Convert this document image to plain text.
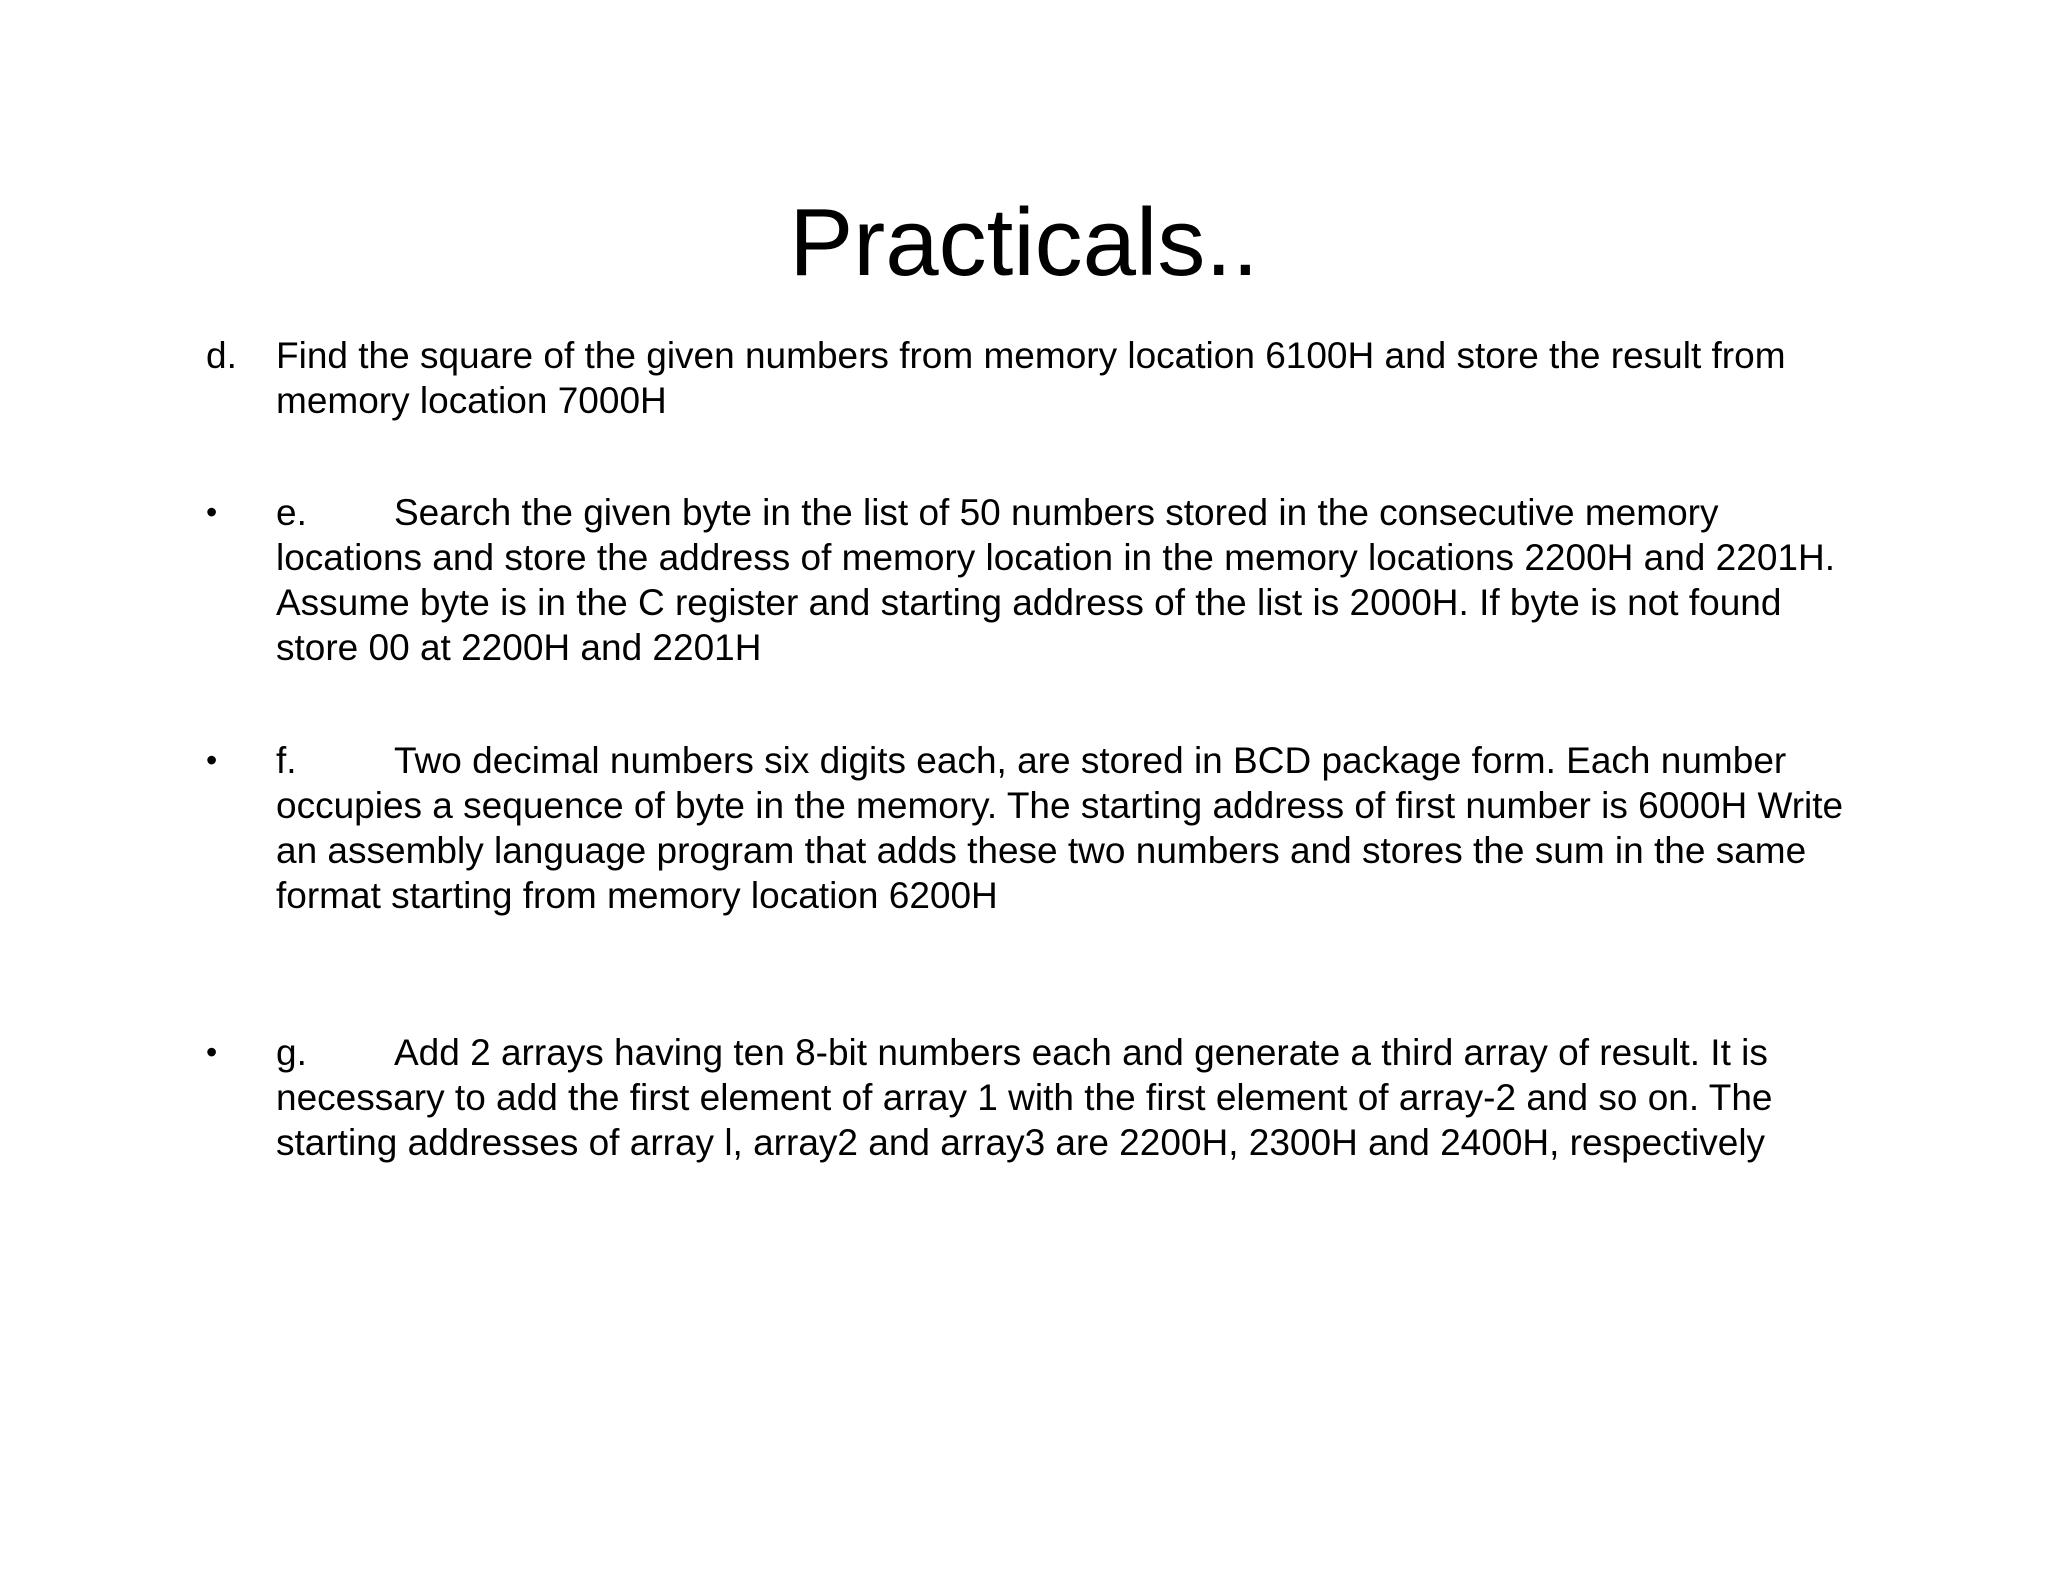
Practicals..
d. Find the square of the given numbers from memory location 6100H and store the result from memory location 7000H
• e. Search the given byte in the list of 50 numbers stored in the consecutive memory locations and store the address of memory location in the memory locations 2200H and 2201H. Assume byte is in the C register and starting address of the list is 2000H. If byte is not found store 00 at 2200H and 2201H
• f.	Two decimal numbers six digits each, are stored in BCD package form. Each number occupies a sequence of byte in the memory. The starting address of first number is 6000H Write an assembly language program that adds these two numbers and stores the sum in the same format starting from memory location 6200H
• g. Add 2 arrays having ten 8-bit numbers each and generate a third array of result. It is necessary to add the first element of array 1 with the first element of array-2 and so on. The starting addresses of array l, array2 and array3 are 2200H, 2300H and 2400H, respectively
